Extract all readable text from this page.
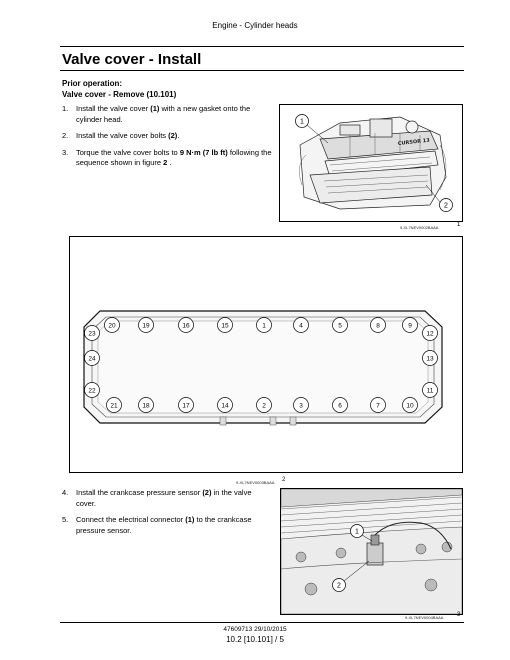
Engine - Cylinder heads
Valve cover - Install
Prior operation:
Valve cover - Remove (10.101)
1. Install the valve cover (1) with a new gasket onto the cylinder head.
2. Install the valve cover bolts (2).
3. Torque the valve cover bolts to 9 N·m (7 lb ft) following the sequence shown in figure 2 .
CURSOR 13
1
2
9-XL7NEV0002BAAA	1
20	19	16	15	1	4	5	8	9
21	18	17	14	2	3	6	7	10
23
24
22
12
13
11
9-XL7NEV0003BAAA 2
4. Install the crankcase pressure sensor (2) in the valve cover.
5. Connect the electrical connector (1) to the crankcase pressure sensor.	1
2
9-XL7NEV0004BAAA 3
47609713 29/10/2015
10.2 [10.101] / 5
